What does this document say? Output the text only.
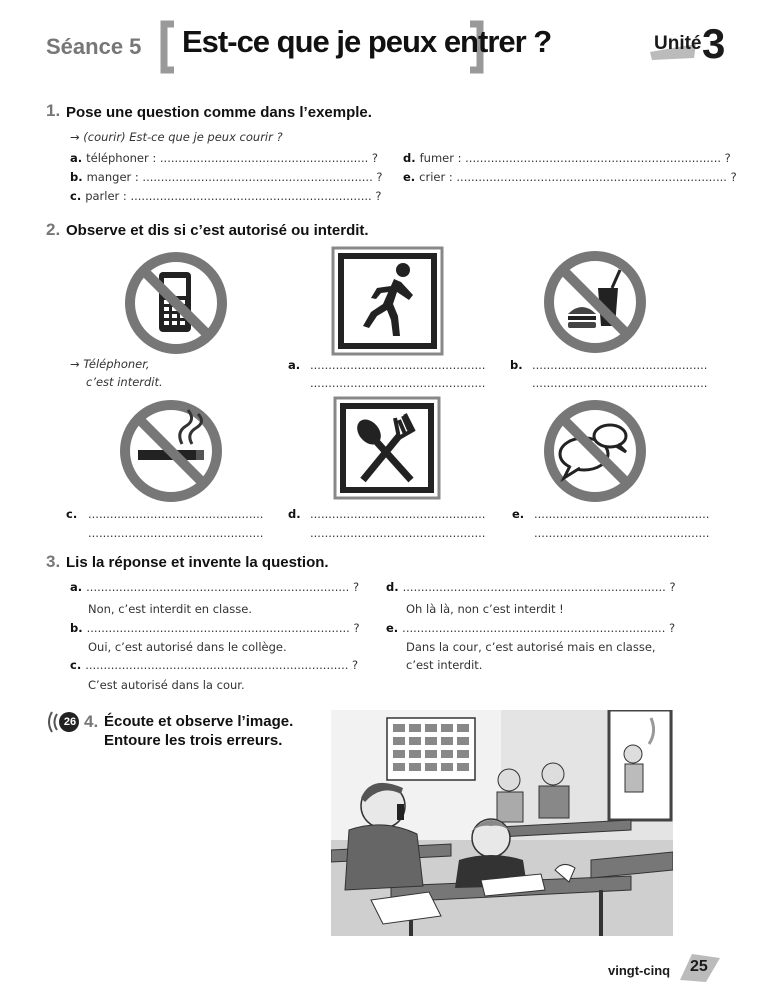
Séance 5 Est-ce que je peux entrer ?	Unité 3
1. Pose une question comme dans l’exemple.
→ (courir) Est-ce que je peux courir ?
a. téléphoner : ......................................................... ?
b. manger : ............................................................... ?
c. parler : .................................................................. ?
d. fumer : ...................................................................... ?
e. crier : .......................................................................... ?
2. Observe et dis si c’est autorisé ou interdit.
→ Téléphoner,
c’est interdit.
a. ................................................
................................................
b. ................................................
................................................
c. ................................................
................................................
d. ................................................
................................................
e. ................................................
................................................
3. Lis la réponse et invente la question.
a. ........................................................................ ?
Non, c’est interdit en classe.
b. ........................................................................ ?
Oui, c’est autorisé dans le collège.
c. ........................................................................ ?
C’est autorisé dans la cour.
d. ........................................................................ ?
Oh là là, non c’est interdit !
e. ........................................................................ ?
Dans la cour, c’est autorisé mais en classe,
c’est interdit.
26 4. Écoute et observe l’image.
Entoure les trois erreurs.
vingt-cinq 25
